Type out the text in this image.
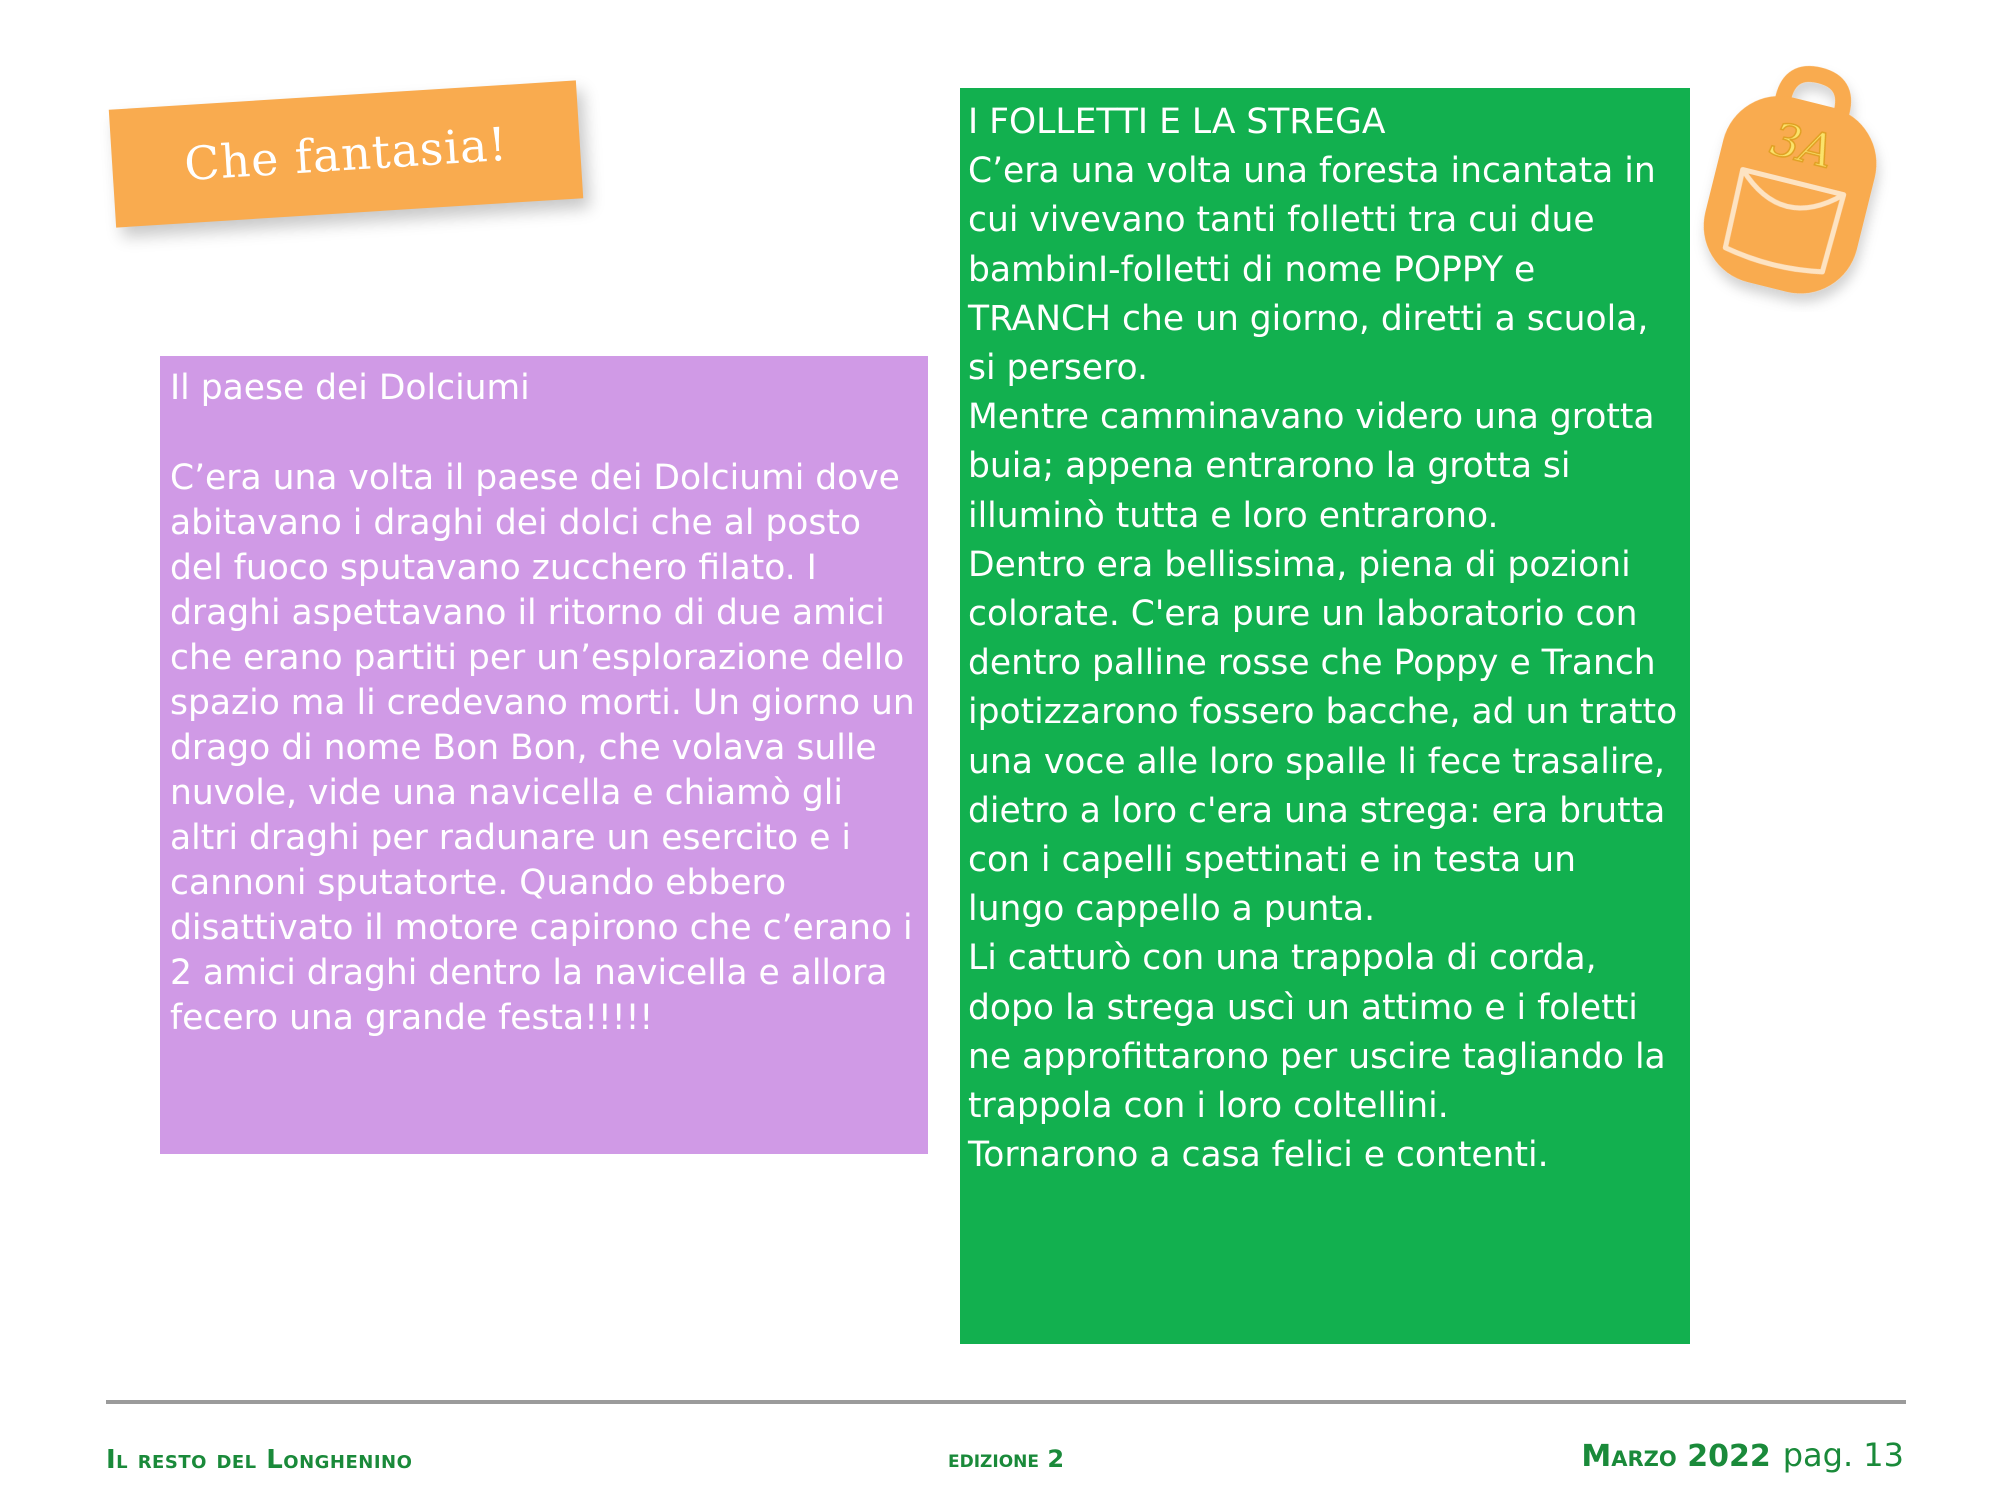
Che fantasia!

Il paese dei Dolciumi

C’era una volta il paese dei Dolciumi dove abitavano i draghi dei dolci che al posto del fuoco sputavano zucchero filato. I draghi aspettavano il ritorno di due amici che erano partiti per un’esplorazione dello spazio ma li credevano morti. Un giorno un drago di nome Bon Bon, che volava sulle nuvole, vide una navicella e chiamò gli altri draghi per radunare un esercito e i cannoni sputatorte. Quando ebbero disattivato il motore capirono che c’erano i 2 amici draghi dentro la navicella e allora fecero una grande festa!!!!!

I FOLLETTI E LA STREGA

C’era una volta una foresta incantata in cui vivevano tanti folletti tra cui due bambinI-folletti di nome POPPY e TRANCH che un giorno, diretti a scuola, si persero.

Mentre camminavano videro una grotta buia; appena entrarono la grotta si illuminò tutta e loro entrarono.

Dentro era bellissima, piena di pozioni colorate. C'era pure un laboratorio con dentro palline rosse che Poppy e Tranch ipotizzarono fossero bacche, ad un tratto una voce alle loro spalle li fece trasalire, dietro a loro c'era una strega: era brutta con i capelli spettinati e in testa un lungo cappello a punta.

Li catturò con una trappola di corda, dopo la strega uscì un attimo e i foletti ne approfittarono per uscire tagliando la trappola con i loro coltellini.

Tornarono a casa felici e contenti.

3A
Il resto del Longhenino	edizione 2	Marzo 2022 pag. 13
